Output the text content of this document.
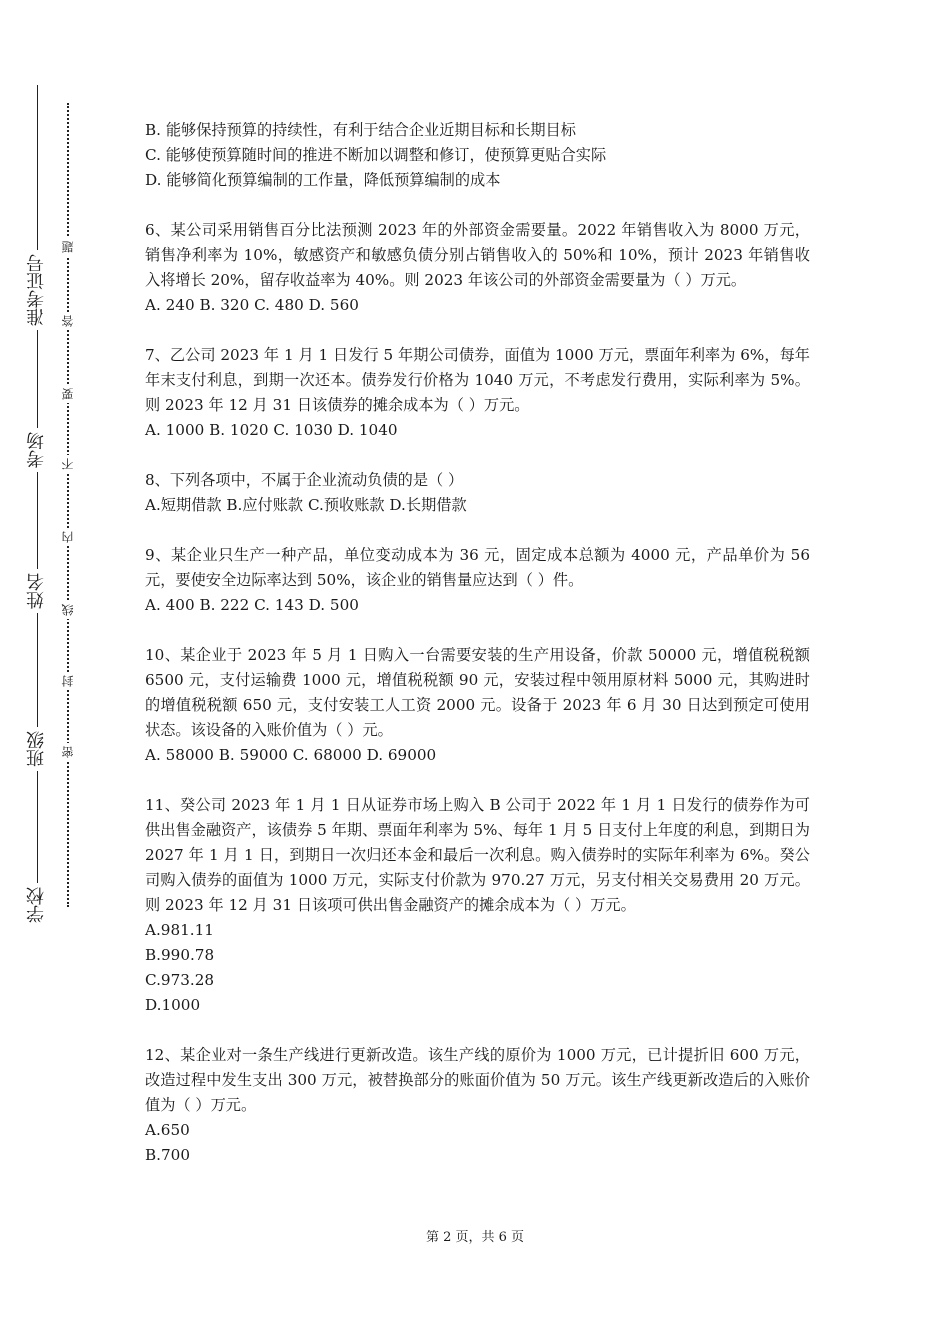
准考证号
考场
姓名
班级
学校
题
答
要
不
内
线
封
密

B. 能够保持预算的持续性，有利于结合企业近期目标和长期目标

C. 能够使预算随时间的推进不断加以调整和修订，使预算更贴合实际

D. 能够简化预算编制的工作量，降低预算编制的成本

6、某公司采用销售百分比法预测 2023 年的外部资金需要量。2022 年销售收入为 8000 万元，销售净利率为 10%，敏感资产和敏感负债分别占销售收入的 50%和 10%，预计 2023 年销售收入将增长 20%，留存收益率为 40%。则 2023 年该公司的外部资金需要量为（ ）万元。

A. 240 B. 320 C. 480 D. 560

7、乙公司 2023 年 1 月 1 日发行 5 年期公司债券，面值为 1000 万元，票面年利率为 6%，每年年末支付利息，到期一次还本。债券发行价格为 1040 万元，不考虑发行费用，实际利率为 5%。则 2023 年 12 月 31 日该债券的摊余成本为（ ）万元。

A. 1000 B. 1020 C. 1030 D. 1040

8、下列各项中，不属于企业流动负债的是（ ）

A.短期借款 B.应付账款 C.预收账款 D.长期借款

9、某企业只生产一种产品，单位变动成本为 36 元，固定成本总额为 4000 元，产品单价为 56 元，要使安全边际率达到 50%，该企业的销售量应达到（ ）件。

A. 400 B. 222 C. 143 D. 500

10、某企业于 2023 年 5 月 1 日购入一台需要安装的生产用设备，价款 50000 元，增值税税额 6500 元，支付运输费 1000 元，增值税税额 90 元，安装过程中领用原材料 5000 元，其购进时的增值税税额 650 元，支付安装工人工资 2000 元。设备于 2023 年 6 月 30 日达到预定可使用状态。该设备的入账价值为（ ）元。

A. 58000 B. 59000 C. 68000 D. 69000

11、癸公司 2023 年 1 月 1 日从证券市场上购入 B 公司于 2022 年 1 月 1 日发行的债券作为可供出售金融资产，该债券 5 年期、票面年利率为 5%、每年 1 月 5 日支付上年度的利息，到期日为 2027 年 1 月 1 日，到期日一次归还本金和最后一次利息。购入债券时的实际年利率为 6%。癸公司购入债券的面值为 1000 万元，实际支付价款为 970.27 万元，另支付相关交易费用 20 万元。则 2023 年 12 月 31 日该项可供出售金融资产的摊余成本为（ ）万元。

A.981.11

B.990.78

C.973.28

D.1000

12、某企业对一条生产线进行更新改造。该生产线的原价为 1000 万元，已计提折旧 600 万元，改造过程中发生支出 300 万元，被替换部分的账面价值为 50 万元。该生产线更新改造后的入账价值为（ ）万元。

A.650

B.700

第 2 页，共 6 页
